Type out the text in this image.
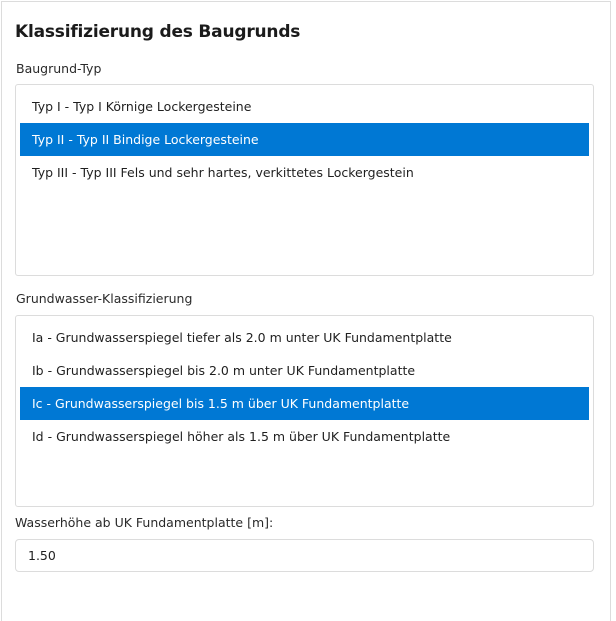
Klassifizierung des Baugrunds
Baugrund-Typ
Typ I - Typ I Körnige Lockergesteine
Typ II - Typ II Bindige Lockergesteine
Typ III - Typ III Fels und sehr hartes, verkittetes Lockergestein
Grundwasser-Klassifizierung
Ia - Grundwasserspiegel tiefer als 2.0 m unter UK Fundamentplatte
Ib - Grundwasserspiegel bis 2.0 m unter UK Fundamentplatte
Ic - Grundwasserspiegel bis 1.5 m über UK Fundamentplatte
Id - Grundwasserspiegel höher als 1.5 m über UK Fundamentplatte
Wasserhöhe ab UK Fundamentplatte [m]:
1.50
